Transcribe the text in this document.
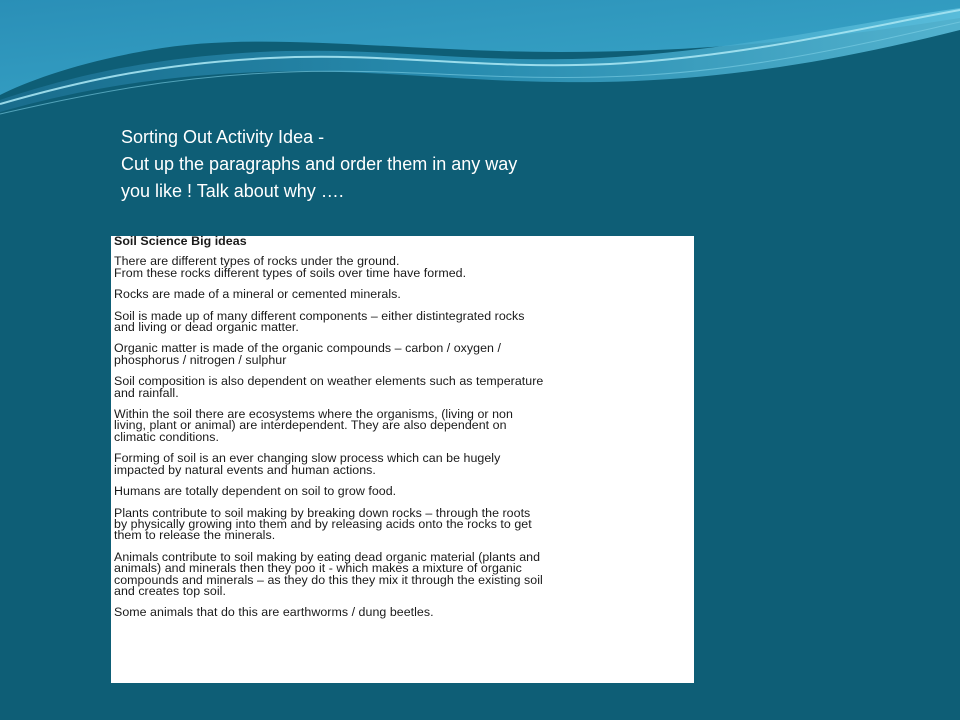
Sorting Out Activity Idea -
Cut up the paragraphs and order them in any way
you like ! Talk about why ….
Soil Science Big ideas
There are different types of rocks under the ground.
From these rocks different types of soils over time have formed.
Rocks are made of a mineral or cemented minerals.
Soil is made up of many different components – either distintegrated rocks
and living or dead organic matter.
Organic matter is made of the organic compounds – carbon / oxygen /
phosphorus / nitrogen / sulphur
Soil composition is also dependent on weather elements such as temperature
and rainfall.
Within the soil there are ecosystems where the organisms, (living or non
living, plant or animal) are interdependent. They are also dependent on
climatic conditions.
Forming of soil is an ever changing slow process which can be hugely
impacted by natural events and human actions.
Humans are totally dependent on soil to grow food.
Plants contribute to soil making by breaking down rocks – through the roots
by physically growing into them and by releasing acids onto the rocks to get
them to release the minerals.
Animals contribute to soil making by eating dead organic material (plants and
animals) and minerals then they poo it - which makes a mixture of organic
compounds and minerals – as they do this they mix it through the existing soil
and creates top soil.
Some animals that do this are earthworms / dung beetles.
